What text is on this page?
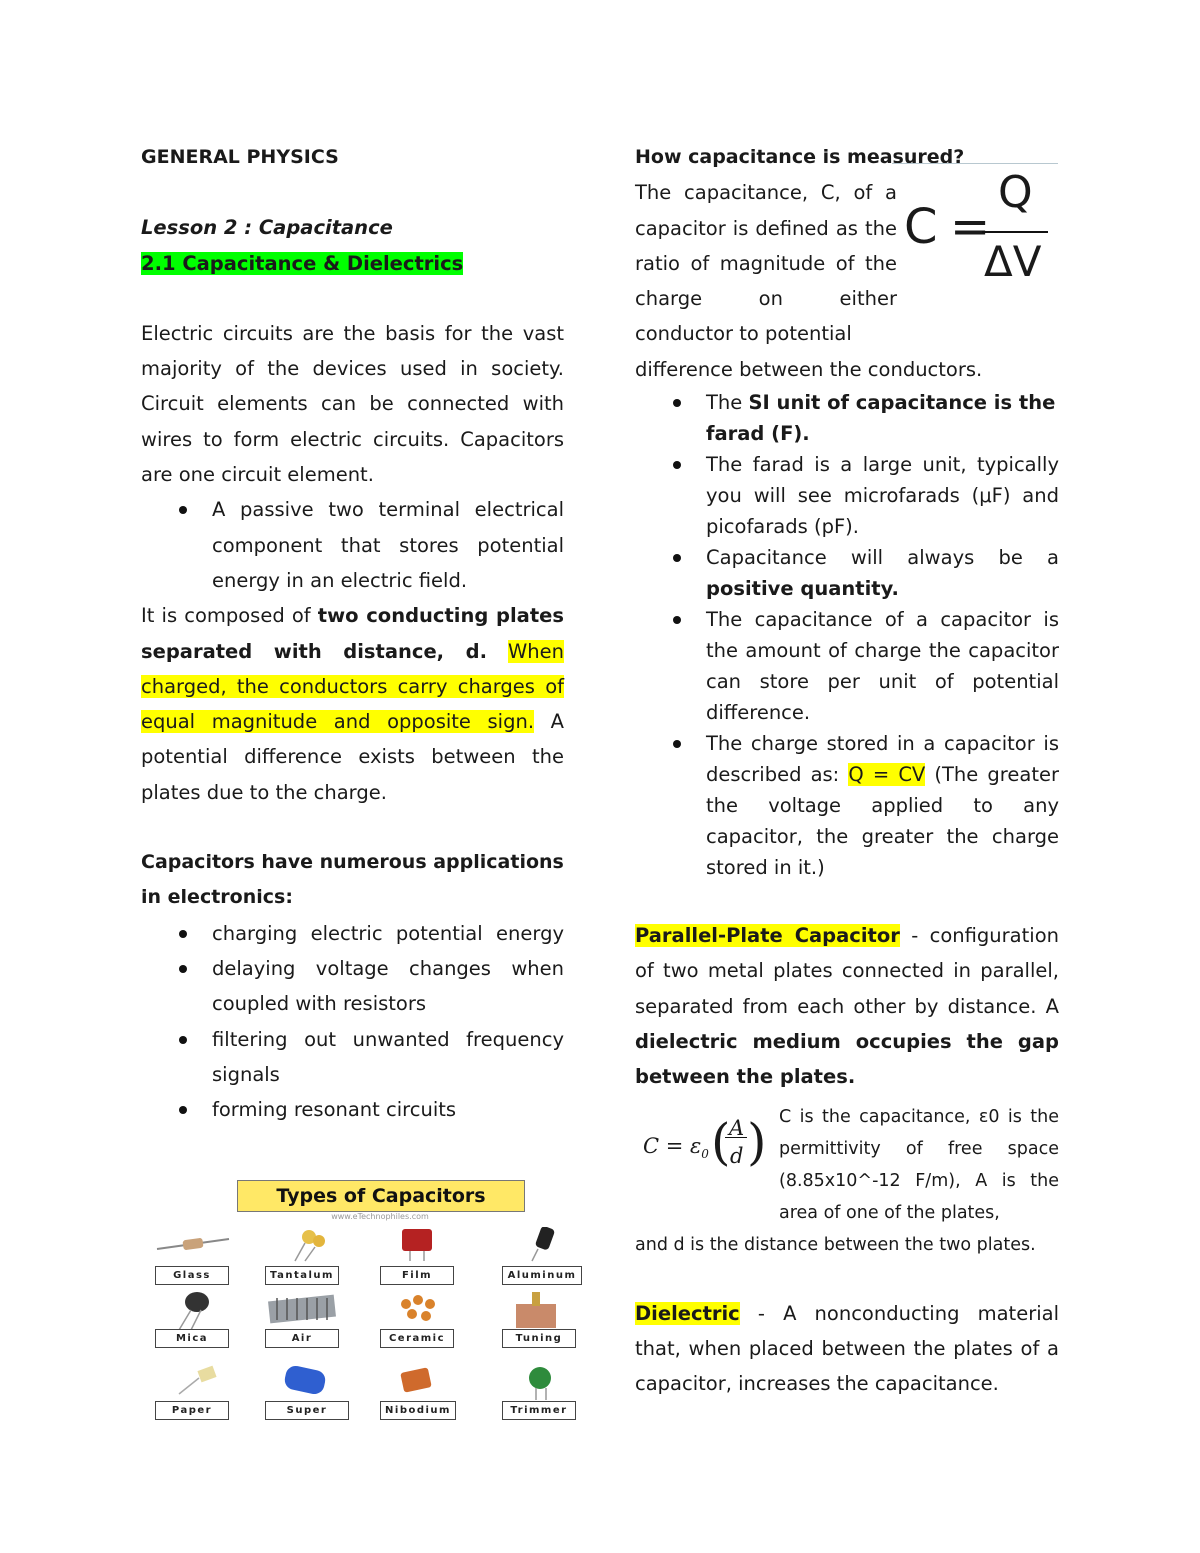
GENERAL PHYSICS

Lesson 2 : Capacitance

2.1 Capacitance & Dielectrics

Electric circuits are the basis for the vast majority of the devices used in society. Circuit elements can be connected with wires to form electric circuits. Capacitors are one circuit element.

A passive two terminal electrical component that stores potential energy in an electric field.

It is composed of two conducting plates separated with distance, d. When charged, the conductors carry charges of equal magnitude and opposite sign. A potential difference exists between the plates due to the charge.

Capacitors have numerous applications in electronics:

charging electric potential energy
delaying voltage changes when coupled with resistors
filtering out unwanted frequency signals
forming resonant circuits
Types of Capacitors
www.eTechnophiles.com
Glass	Tantalum	Film	Aluminum
Mica	Air	Ceramic	Tuning
Paper	Super	Nibodium	Trimmer

How capacitance is measured?

The capacitance, C, of a capacitor is defined as the ratio of magnitude of the charge on either conductor to potential

C =
Q
ΔV

difference between the conductors.

The SI unit of capacitance is the farad (F).
The farad is a large unit, typically you will see microfarads (μF) and picofarads (pF).
Capacitance will always be a positive quantity.
The capacitance of a capacitor is the amount of charge the capacitor can store per unit of potential difference.
The charge stored in a capacitor is described as: Q = CV (The greater the voltage applied to any capacitor, the greater the charge stored in it.)

Parallel-Plate Capacitor - configuration of two metal plates connected in parallel, separated from each other by distance. A dielectric medium occupies the gap between the plates.

$C = \varepsilon_0$ (
A
d ) C is the capacitance, ε0 is the permittivity of free space (8.85x10^-12 F/m), A is the area of one of the plates,

and d is the distance between the two plates.

Dielectric - A nonconducting material that, when placed between the plates of a capacitor, increases the capacitance.
